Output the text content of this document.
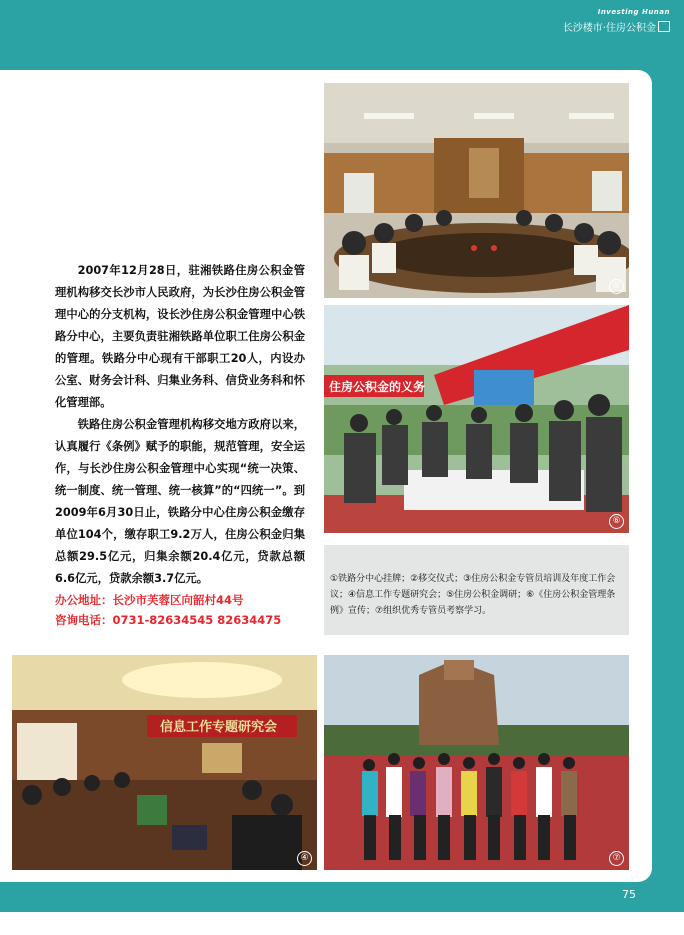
Investing Hunan
长沙楼市·住房公积金
⑤
住房公积金的义务
⑥
①铁路分中心挂牌；②移交仪式；③住房公积金专管员培训及年度工作会议；④信息工作专题研究会；⑤住房公积金调研；⑥《住房公积金管理条例》宣传；⑦组织优秀专管员考察学习。

2007年12月28日，驻湘铁路住房公积金管理机构移交长沙市人民政府，为长沙住房公积金管理中心的分支机构，设长沙住房公积金管理中心铁路分中心，主要负责驻湘铁路单位职工住房公积金的管理。铁路分中心现有干部职工20人，内设办公室、财务会计科、归集业务科、信贷业务科和怀化管理部。

铁路住房公积金管理机构移交地方政府以来，认真履行《条例》赋予的职能，规范管理，安全运作，与长沙住房公积金管理中心实现“统一决策、统一制度、统一管理、统一核算”的“四统一”。到2009年6月30日止，铁路分中心住房公积金缴存单位104个，缴存职工9.2万人，住房公积金归集总额29.5亿元，归集余额20.4亿元，贷款总额6.6亿元，贷款余额3.7亿元。

办公地址：长沙市芙蓉区向韶村44号
咨询电话：0731-82634545 82634475
信息工作专题研究会
④	⑦
75
